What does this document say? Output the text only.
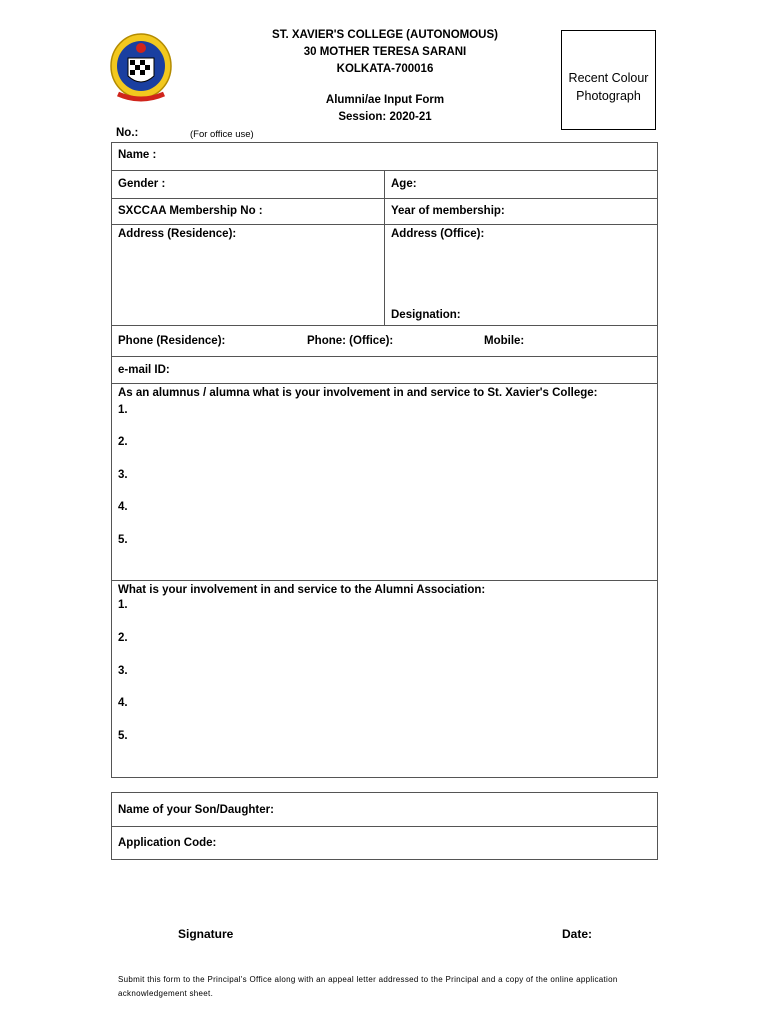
ST. XAVIER'S COLLEGE (AUTONOMOUS)
30 MOTHER TERESA SARANI
KOLKATA-700016
Alumni/ae Input Form
Session: 2020-21
Recent Colour
Photograph
No.:	(For office use)
Name :
Gender :	Age:
SXCCAA Membership No :	Year of membership:
Address (Residence):	Address (Office):
Designation:
Phone (Residence):	Phone: (Office):	Mobile:
e-mail ID:
As an alumnus / alumna what is your involvement in and service to St. Xavier's College:
1.
2.
3.
4.
5.
What is your involvement in and service to the Alumni Association:
1.
2.
3.
4.
5.
Name of your Son/Daughter:
Application Code:
Signature	Date:
Submit this form to the Principal's Office along with an appeal letter addressed to the Principal and a copy of the online application acknowledgement sheet.
